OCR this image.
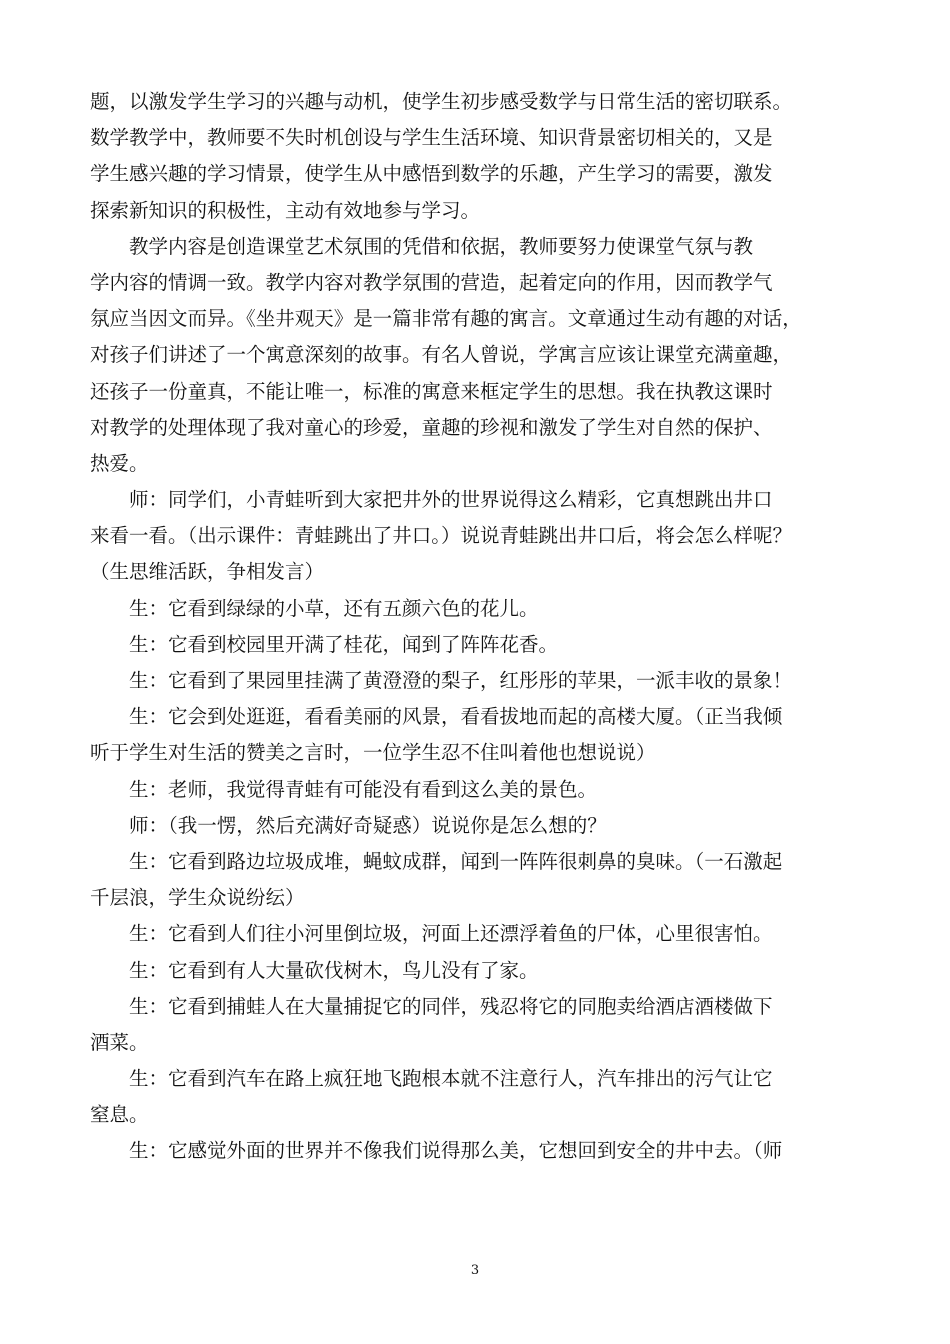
题，以激发学生学习的兴趣与动机，使学生初步感受数学与日常生活的密切联系。
数学教学中，教师要不失时机创设与学生生活环境、知识背景密切相关的，又是
学生感兴趣的学习情景，使学生从中感悟到数学的乐趣，产生学习的需要，激发
探索新知识的积极性，主动有效地参与学习。
教学内容是创造课堂艺术氛围的凭借和依据，教师要努力使课堂气氛与教
学内容的情调一致。教学内容对教学氛围的营造，起着定向的作用，因而教学气
氛应当因文而异。《坐井观天》是一篇非常有趣的寓言。文章通过生动有趣的对话，
对孩子们讲述了一个寓意深刻的故事。有名人曾说，学寓言应该让课堂充满童趣，
还孩子一份童真，不能让唯一，标准的寓意来框定学生的思想。我在执教这课时
对教学的处理体现了我对童心的珍爱，童趣的珍视和激发了学生对自然的保护、
热爱。
师：同学们，小青蛙听到大家把井外的世界说得这么精彩，它真想跳出井口
来看一看。（出示课件：青蛙跳出了井口。）说说青蛙跳出井口后，将会怎么样呢？
（生思维活跃，争相发言）
生：它看到绿绿的小草，还有五颜六色的花儿。
生：它看到校园里开满了桂花，闻到了阵阵花香。
生：它看到了果园里挂满了黄澄澄的梨子，红彤彤的苹果，一派丰收的景象！
生：它会到处逛逛，看看美丽的风景，看看拔地而起的高楼大厦。（正当我倾
听于学生对生活的赞美之言时，一位学生忍不住叫着他也想说说）
生：老师，我觉得青蛙有可能没有看到这么美的景色。
师：（我一愣，然后充满好奇疑惑）说说你是怎么想的？
生：它看到路边垃圾成堆，蝇蚊成群，闻到一阵阵很刺鼻的臭味。（一石激起
千层浪，学生众说纷纭）
生：它看到人们往小河里倒垃圾，河面上还漂浮着鱼的尸体，心里很害怕。
生：它看到有人大量砍伐树木，鸟儿没有了家。
生：它看到捕蛙人在大量捕捉它的同伴，残忍将它的同胞卖给酒店酒楼做下
酒菜。
生：它看到汽车在路上疯狂地飞跑根本就不注意行人，汽车排出的污气让它
窒息。
生：它感觉外面的世界并不像我们说得那么美，它想回到安全的井中去。（师
3
